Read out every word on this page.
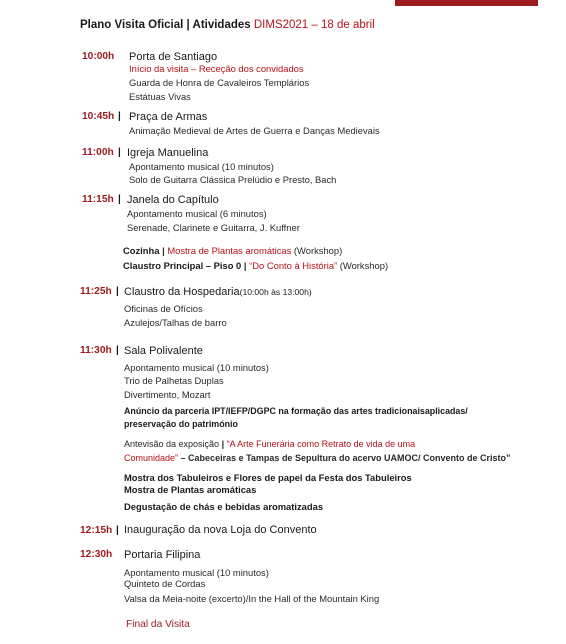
Plano Visita Oficial | Atividades DIMS2021 – 18 de abril
10:00h Porta de Santiago
Início da visita – Receção dos convidados
Guarda de Honra de Cavaleiros Templários
Estátuas Vivas
10:45h | Praça de Armas
Animação Medieval de Artes de Guerra e Danças Medievais
11:00h | Igreja Manuelina
Apontamento musical (10 minutos)
Solo de Guitarra Clássica Prelúdio e Presto, Bach
11:15h | Janela do Capítulo
Apontamento musical (6 minutos)
Serenade, Clarinete e Guitarra, J. Kuffner
Cozinha | Mostra de Plantas aromáticas (Workshop)
Claustro Principal – Piso 0 | “Do Conto à História” (Workshop)
11:25h | Claustro da Hospedaria(10:00h às 13:00h)
Oficinas de Ofícios
Azulejos/Talhas de barro
11:30h | Sala Polivalente
Apontamento musical (10 minutos)
Trio de Palhetas Duplas
Divertimento, Mozart
Anúncio da parceria IPT/IEFP/DGPC na formação das artes tradicionaisaplicadas/
preservação do património
Antevisão da exposição | “A Arte Funerária como Retrato de vida de uma
Comunidade” – Cabeceiras e Tampas de Sepultura do acervo UAMOC/ Convento de Cristo”
Mostra dos Tabuleiros e Flores de papel da Festa dos Tabuleiros
Mostra de Plantas aromáticas
Degustação de chás e bebidas aromatizadas
12:15h | Inauguração da nova Loja do Convento
12:30h Portaria Filipina
Apontamento musical (10 minutos)
Quinteto de Cordas
Valsa da Meia-noite (excerto)/In the Hall of the Mountain King
Final da Visita
